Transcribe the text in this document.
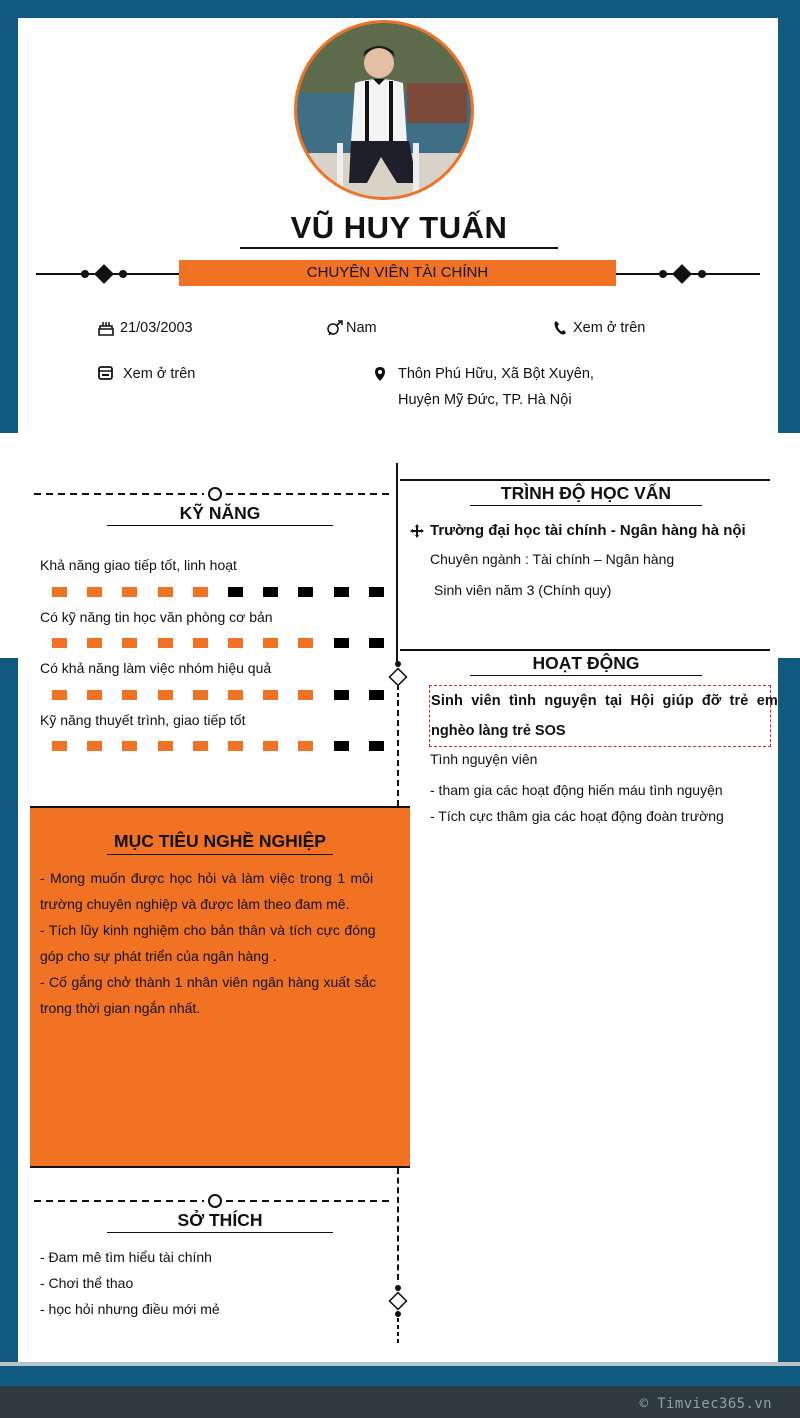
© Timviec365.vn
VŨ HUY TUẤN
CHUYÊN VIÊN TÀI CHÍNH
21/03/2003	Nam	Xem ở trên
Xem ở trên	Thôn Phú Hữu, Xã Bột Xuyên,
Huyện Mỹ Đức, TP. Hà Nội
KỸ NĂNG
Khả năng giao tiếp tốt, linh hoạt
Có kỹ năng tin học văn phòng cơ bản
Có khả năng làm việc nhóm hiệu quả
Kỹ năng thuyết trình, giao tiếp tốt
TRÌNH ĐỘ HỌC VẤN
Trường đại học tài chính - Ngân hàng hà nội
Chuyên ngành : Tài chính – Ngân hàng
Sinh viên năm 3 (Chính quy)
HOẠT ĐỘNG
Sinh viên tình nguyện tại Hội giúp đỡ trẻ em
nghèo làng trẻ SOS
Tình nguyện viên
- tham gia các hoạt động hiến máu tình nguyện
- Tích cực thâm gia các hoạt động đoàn trường
MỤC TIÊU NGHỀ NGHIỆP
- Mong muốn được học hỏi và làm việc trong 1 môi
trường chuyên nghiệp và được làm theo đam mê.
- Tích lũy kinh nghiệm cho bản thân và tích cực đóng
góp cho sự phát triển của ngân hàng .
- Cố gắng chở thành 1 nhân viên ngân hàng xuất sắc
trong thời gian ngắn nhất.
SỞ THÍCH
- Đam mê tìm hiểu tài chính
- Chơi thể thao
- học hỏi nhưng điều mới mẻ
